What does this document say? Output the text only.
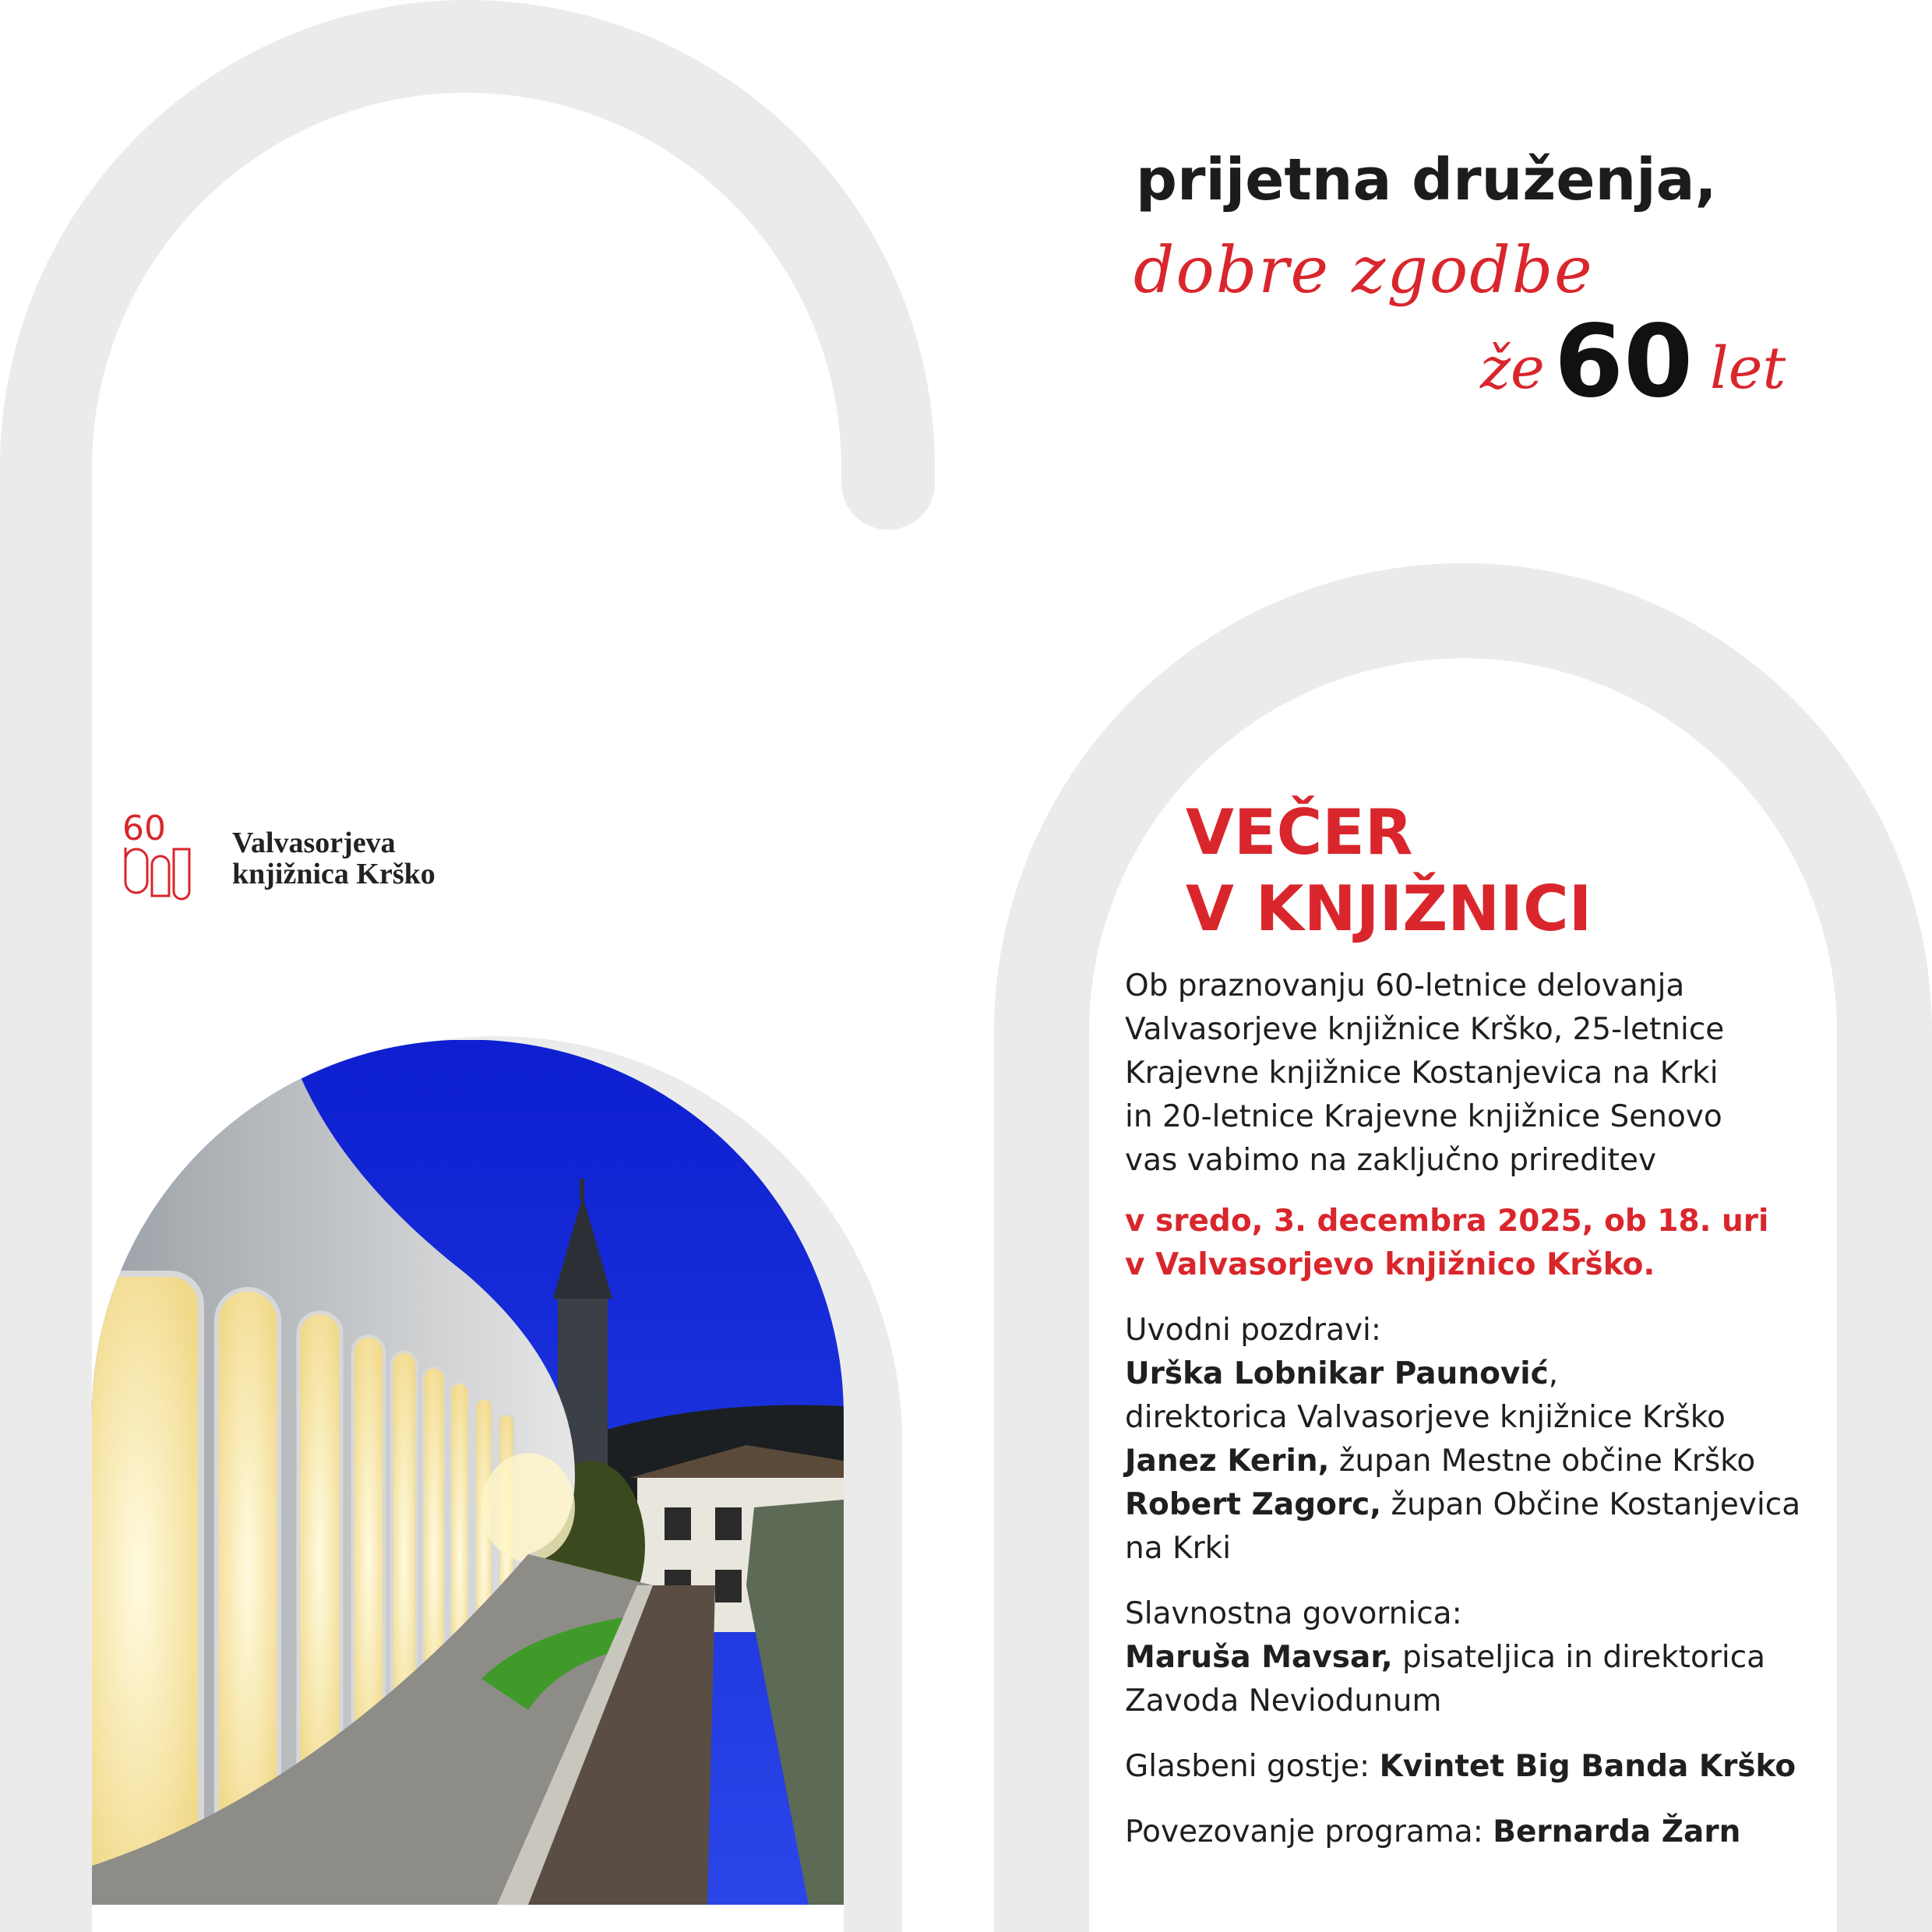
prijetna druženja,
dobre zgodbe
že 60 let
60 Valvasorjeva
knjižnica Krško
VEČER
V KNJIŽNICI

Ob praznovanju 60-letnice delovanja

Valvasorjeve knjižnice Krško, 25-letnice

Krajevne knjižnice Kostanjevica na Krki

in 20-letnice Krajevne knjižnice Senovo

vas vabimo na zaključno prireditev

v sredo, 3. decembra 2025, ob 18. uri

v Valvasorjevo knjižnico Krško.

Uvodni pozdravi:

Urška Lobnikar Paunović,

direktorica Valvasorjeve knjižnice Krško

Janez Kerin, župan Mestne občine Krško

Robert Zagorc, župan Občine Kostanjevica

na Krki

Slavnostna govornica:

Maruša Mavsar, pisateljica in direktorica

Zavoda Neviodunum

Glasbeni gostje: Kvintet Big Banda Krško

Povezovanje programa: Bernarda Žarn
